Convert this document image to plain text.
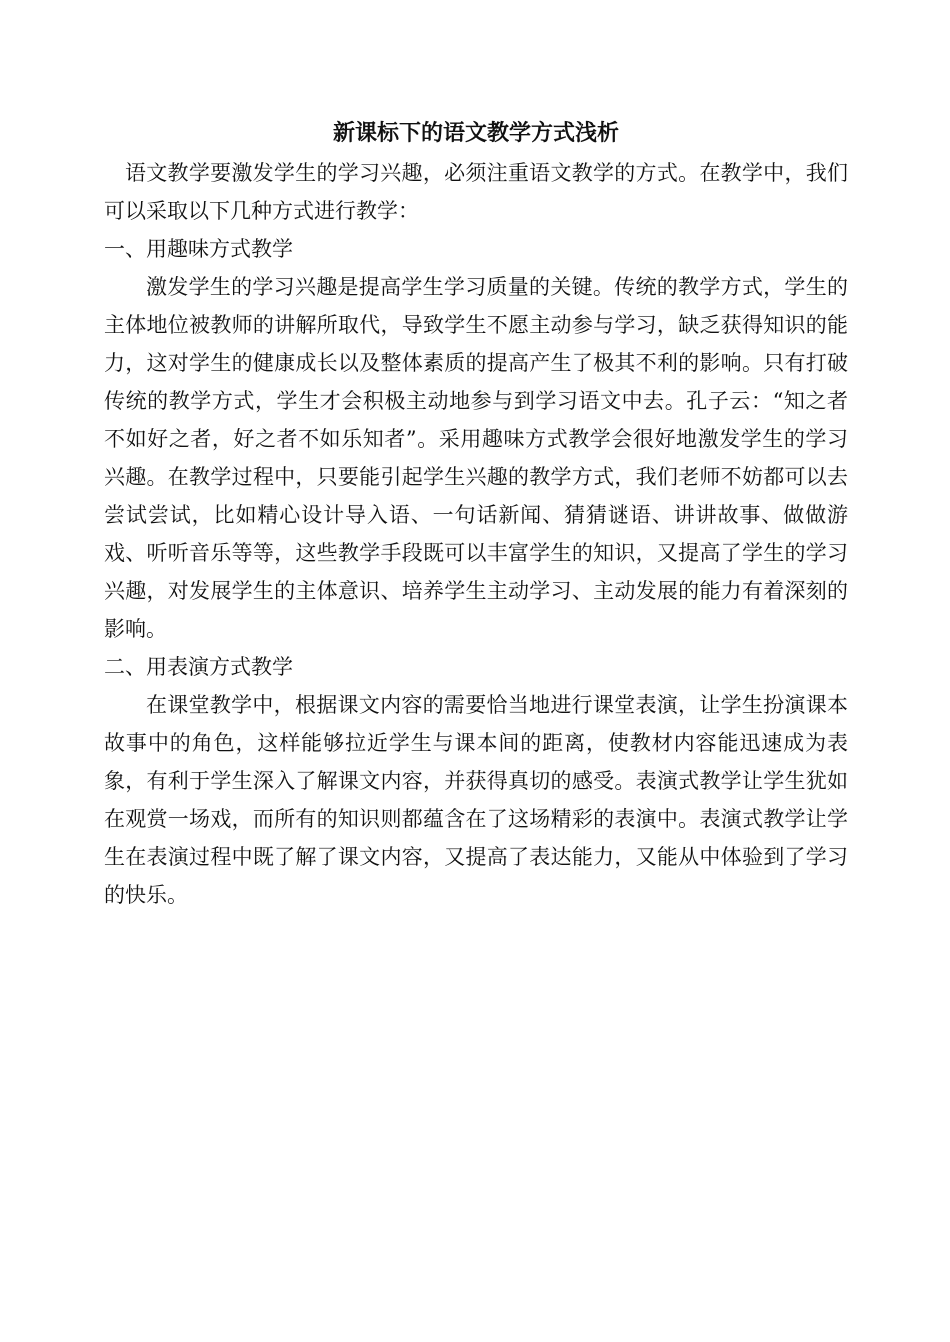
新课标下的语文教学方式浅析

语文教学要激发学生的学习兴趣，必须注重语文教学的方式。在教学中，我们可以采取以下几种方式进行教学：

一、用趣味方式教学

激发学生的学习兴趣是提高学生学习质量的关键。传统的教学方式，学生的主体地位被教师的讲解所取代，导致学生不愿主动参与学习，缺乏获得知识的能力，这对学生的健康成长以及整体素质的提高产生了极其不利的影响。只有打破传统的教学方式，学生才会积极主动地参与到学习语文中去。孔子云：“知之者不如好之者，好之者不如乐知者”。采用趣味方式教学会很好地激发学生的学习兴趣。在教学过程中，只要能引起学生兴趣的教学方式，我们老师不妨都可以去尝试尝试，比如精心设计导入语、一句话新闻、猜猜谜语、讲讲故事、做做游戏、听听音乐等等，这些教学手段既可以丰富学生的知识，又提高了学生的学习兴趣，对发展学生的主体意识、培养学生主动学习、主动发展的能力有着深刻的影响。

二、用表演方式教学

在课堂教学中，根据课文内容的需要恰当地进行课堂表演，让学生扮演课本故事中的角色，这样能够拉近学生与课本间的距离，使教材内容能迅速成为表象，有利于学生深入了解课文内容，并获得真切的感受。表演式教学让学生犹如在观赏一场戏，而所有的知识则都蕴含在了这场精彩的表演中。表演式教学让学生在表演过程中既了解了课文内容，又提高了表达能力，又能从中体验到了学习的快乐。
